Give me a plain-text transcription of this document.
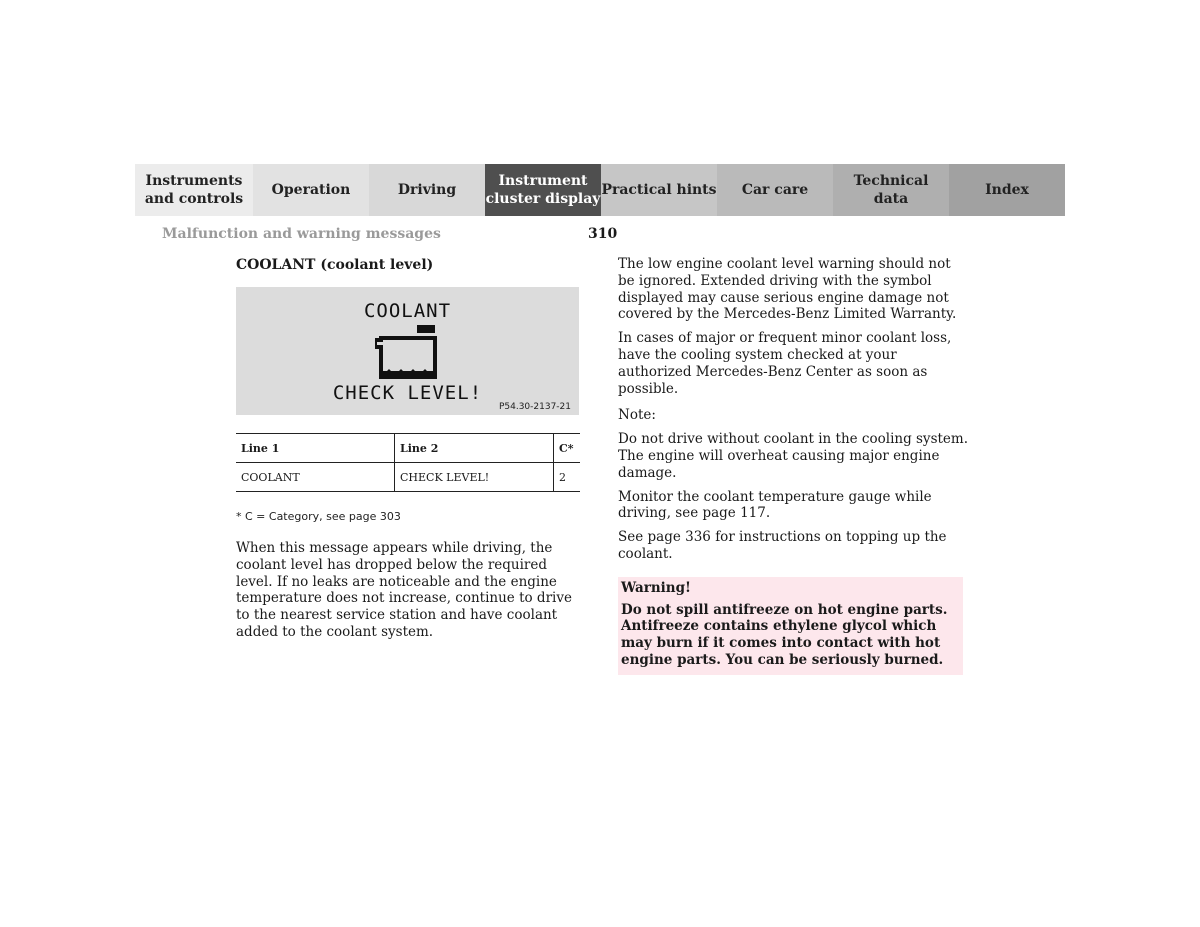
Instruments
and controls
Operation	Driving
Instrument
cluster display
Practical hints Car care
Technical
data
Index
Malfunction and warning messages	310

COOLANT (coolant level)

COOLANT
CHECK LEVEL!
P54.30-2137-21
Line 1	Line 2	C*
COOLANT	CHECK LEVEL!	2
* C = Category, see page 303

When this message appears while driving, the coolant level has dropped below the required level. If no leaks are noticeable and the engine temperature does not increase, continue to drive to the nearest service station and have coolant added to the coolant system.

The low engine coolant level warning should not be ignored. Extended driving with the symbol displayed may cause serious engine damage not covered by the Mercedes-Benz Limited Warranty.

In cases of major or frequent minor coolant loss, have the cooling system checked at your authorized Mercedes-Benz Center as soon as possible.

Note:

Do not drive without coolant in the cooling system. The engine will overheat causing major engine damage.

Monitor the coolant temperature gauge while driving, see page 117.

See page 336 for instructions on topping up the coolant.

Warning!

Do not spill antifreeze on hot engine parts. Antifreeze contains ethylene glycol which may burn if it comes into contact with hot engine parts. You can be seriously burned.
